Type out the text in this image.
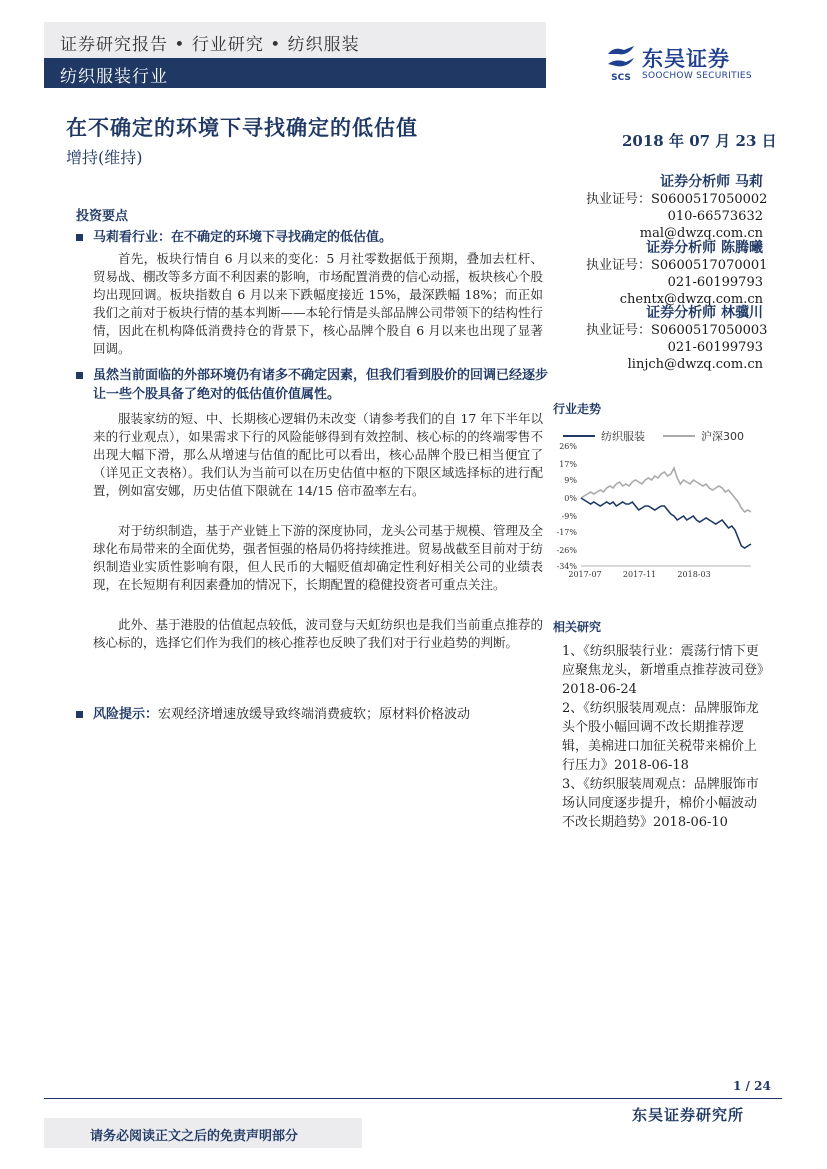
证券研究报告 • 行业研究 • 纺织服装
纺织服装行业	SCS
东吴证券
SOOCHOW SECURITIES
在不确定的环境下寻找确定的低估值
增持(维持)
2018 年 07 月 23 日
证券分析师 马莉
执业证号：S0600517050002
010-66573632
mal@dwzq.com.cn
证券分析师 陈腾曦
执业证号：S0600517070001
021-60199793
chentx@dwzq.com.cn
证券分析师 林骥川
执业证号：S0600517050003
021-60199793
linjch@dwzq.com.cn
投资要点
马莉看行业：在不确定的环境下寻找确定的低估值。
首先，板块行情自 6 月以来的变化：5 月社零数据低于预期，叠加去杠杆、贸易战、棚改等多方面不利因素的影响，市场配置消费的信心动摇，板块核心个股均出现回调。板块指数自 6 月以来下跌幅度接近 15%，最深跌幅 18%；而正如我们之前对于板块行情的基本判断——本轮行情是头部品牌公司带领下的结构性行情，因此在机构降低消费持仓的背景下，核心品牌个股自 6 月以来也出现了显著回调。
虽然当前面临的外部环境仍有诸多不确定因素，但我们看到股价的回调已经逐步让一些个股具备了绝对的低估值价值属性。
服装家纺的短、中、长期核心逻辑仍未改变（请参考我们的自 17 年下半年以来的行业观点），如果需求下行的风险能够得到有效控制、核心标的的终端零售不出现大幅下滑，那么从增速与估值的配比可以看出，核心品牌个股已相当便宜了（详见正文表格）。我们认为当前可以在历史估值中枢的下限区域选择标的进行配置，例如富安娜，历史估值下限就在 14/15 倍市盈率左右。
对于纺织制造，基于产业链上下游的深度协同，龙头公司基于规模、管理及全球化布局带来的全面优势，强者恒强的格局仍将持续推进。贸易战截至目前对于纺织制造业实质性影响有限，但人民币的大幅贬值却确定性利好相关公司的业绩表现，在长短期有利因素叠加的情况下，长期配置的稳健投资者可重点关注。
此外、基于港股的估值起点较低，波司登与天虹纺织也是我们当前重点推荐的核心标的，选择它们作为我们的核心推荐也反映了我们对于行业趋势的判断。
风险提示：宏观经济增速放缓导致终端消费疲软；原材料价格波动
行业走势
纺织服装	沪深300
26%
17%
9%
0%
-9%
-17%
-26%
-34%
2017-07	2017-11	2018-03
相关研究
1、《纺织服装行业：震荡行情下更应聚焦龙头，新增重点推荐波司登》2018-06-24
2、《纺织服装周观点：品牌服饰龙头个股小幅回调不改长期推荐逻辑，美棉进口加征关税带来棉价上行压力》2018-06-18
3、《纺织服装周观点：品牌服饰市场认同度逐步提升，棉价小幅波动不改长期趋势》2018-06-10
1 / 24
东吴证券研究所
请务必阅读正文之后的免责声明部分
